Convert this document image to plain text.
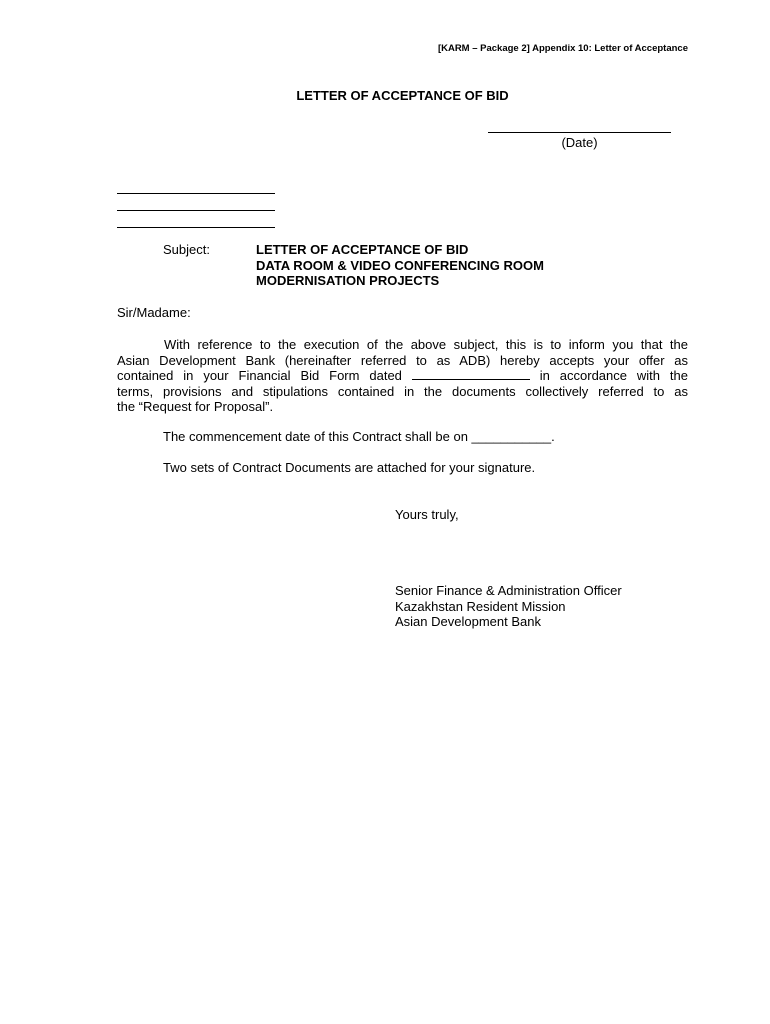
[KARM – Package 2] Appendix 10: Letter of Acceptance
LETTER OF ACCEPTANCE OF BID
(Date)
Subject:	LETTER OF ACCEPTANCE OF BID
DATA ROOM & VIDEO CONFERENCING ROOM
MODERNISATION PROJECTS
Sir/Madame:
With reference to the execution of the above subject, this is to inform you that the
Asian Development Bank (hereinafter referred to as ADB) hereby accepts your offer as
contained in your Financial Bid Form dated	in accordance with the
terms, provisions and stipulations contained in the documents collectively referred to as
the “Request for Proposal”.
The commencement date of this Contract shall be on ___________.
Two sets of Contract Documents are attached for your signature.
Yours truly,
Senior Finance & Administration Officer
Kazakhstan Resident Mission
Asian Development Bank
